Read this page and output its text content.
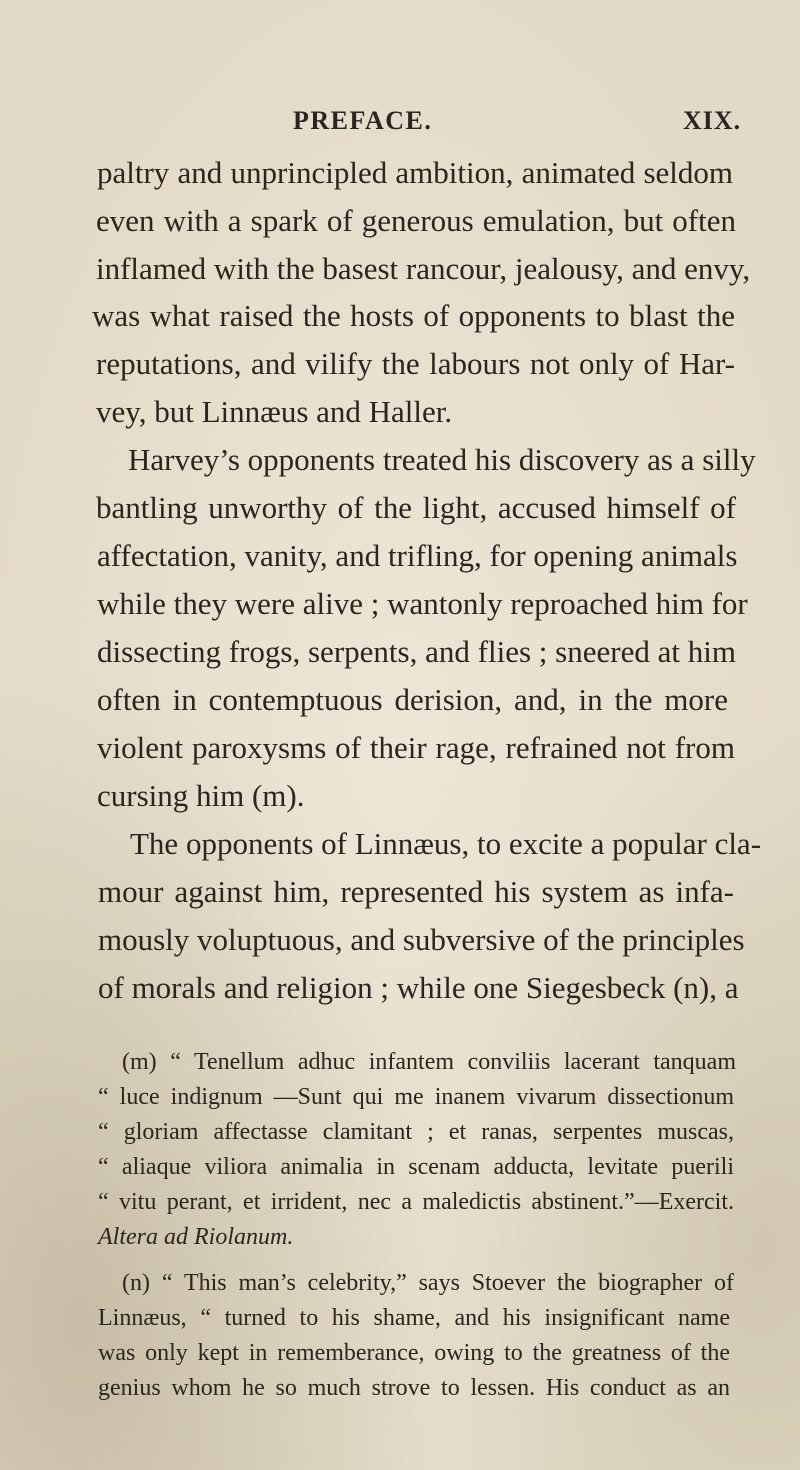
PREFACE.	XIX.
paltry and unprincipled ambition, animated seldom
even with a spark of generous emulation, but often
inflamed with the basest rancour, jealousy, and envy,
was what raised the hosts of opponents to blast the
reputations, and vilify the labours not only of Har-
vey, but Linnæus and Haller.
Harvey’s opponents treated his discovery as a silly
bantling unworthy of the light, accused himself of
affectation, vanity, and trifling, for opening animals
while they were alive ; wantonly reproached him for
dissecting frogs, serpents, and flies ; sneered at him
often in contemptuous derision, and, in the more
violent paroxysms of their rage, refrained not from
cursing him (m).
The opponents of Linnæus, to excite a popular cla-
mour against him, represented his system as infa-
mously voluptuous, and subversive of the principles
of morals and religion ; while one Siegesbeck (n), a
(m) “ Tenellum adhuc infantem conviliis lacerant tanquam
“ luce indignum —Sunt qui me inanem vivarum dissectionum
“ gloriam affectasse clamitant ; et ranas, serpentes muscas,
“ aliaque viliora animalia in scenam adducta, levitate puerili
“ vitu perant, et irrident, nec a maledictis abstinent.”—Exercit.
Altera ad Riolanum.
(n) “ This man’s celebrity,” says Stoever the biographer of
Linnæus, “ turned to his shame, and his insignificant name
was only kept in rememberance, owing to the greatness of the
genius whom he so much strove to lessen. His conduct as an
